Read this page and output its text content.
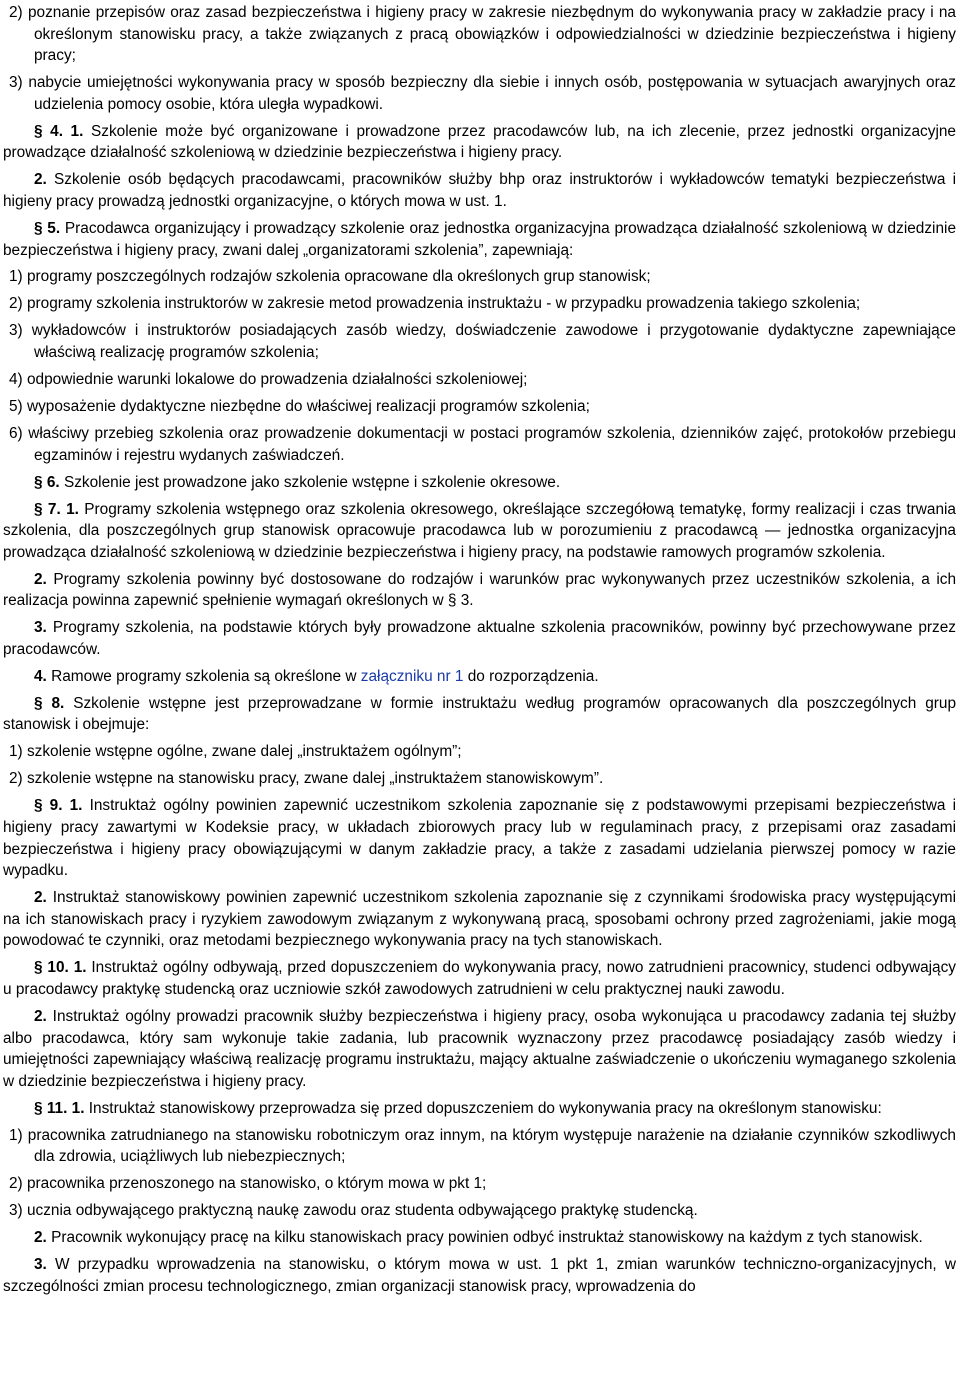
2) poznanie przepisów oraz zasad bezpieczeństwa i higieny pracy w zakresie niezbędnym do wykonywania pracy w zakładzie pracy i na określonym stanowisku pracy, a także związanych z pracą obowiązków i odpowiedzialności w dziedzinie bezpieczeństwa i higieny pracy;

3) nabycie umiejętności wykonywania pracy w sposób bezpieczny dla siebie i innych osób, postępowania w sytuacjach awaryjnych oraz udzielenia pomocy osobie, która uległa wypadkowi.

§ 4. 1. Szkolenie może być organizowane i prowadzone przez pracodawców lub, na ich zlecenie, przez jednostki organizacyjne prowadzące działalność szkoleniową w dziedzinie bezpieczeństwa i higieny pracy.

2. Szkolenie osób będących pracodawcami, pracowników służby bhp oraz instruktorów i wykładowców tematyki bezpieczeństwa i higieny pracy prowadzą jednostki organizacyjne, o których mowa w ust. 1.

§ 5. Pracodawca organizujący i prowadzący szkolenie oraz jednostka organizacyjna prowadząca działalność szkoleniową w dziedzinie bezpieczeństwa i higieny pracy, zwani dalej „organizatorami szkolenia”, zapewniają:

1) programy poszczególnych rodzajów szkolenia opracowane dla określonych grup stanowisk;

2) programy szkolenia instruktorów w zakresie metod prowadzenia instruktażu - w przypadku prowadzenia takiego szkolenia;

3) wykładowców i instruktorów posiadających zasób wiedzy, doświadczenie zawodowe i przygotowanie dydaktyczne zapewniające właściwą realizację programów szkolenia;

4) odpowiednie warunki lokalowe do prowadzenia działalności szkoleniowej;

5) wyposażenie dydaktyczne niezbędne do właściwej realizacji programów szkolenia;

6) właściwy przebieg szkolenia oraz prowadzenie dokumentacji w postaci programów szkolenia, dzienników zajęć, protokołów przebiegu egzaminów i rejestru wydanych zaświadczeń.

§ 6. Szkolenie jest prowadzone jako szkolenie wstępne i szkolenie okresowe.

§ 7. 1. Programy szkolenia wstępnego oraz szkolenia okresowego, określające szczegółową tematykę, formy realizacji i czas trwania szkolenia, dla poszczególnych grup stanowisk opracowuje pracodawca lub w porozumieniu z pracodawcą — jednostka organizacyjna prowadząca działalność szkoleniową w dziedzinie bezpieczeństwa i higieny pracy, na podstawie ramowych programów szkolenia.

2. Programy szkolenia powinny być dostosowane do rodzajów i warunków prac wykonywanych przez uczestników szkolenia, a ich realizacja powinna zapewnić spełnienie wymagań określonych w § 3.

3. Programy szkolenia, na podstawie których były prowadzone aktualne szkolenia pracowników, powinny być przechowywane przez pracodawców.

4. Ramowe programy szkolenia są określone w załączniku nr 1 do rozporządzenia.

§ 8. Szkolenie wstępne jest przeprowadzane w formie instruktażu według programów opracowanych dla poszczególnych grup stanowisk i obejmuje:

1) szkolenie wstępne ogólne, zwane dalej „instruktażem ogólnym”;

2) szkolenie wstępne na stanowisku pracy, zwane dalej „instruktażem stanowiskowym”.

§ 9. 1. Instruktaż ogólny powinien zapewnić uczestnikom szkolenia zapoznanie się z podstawowymi przepisami bezpieczeństwa i higieny pracy zawartymi w Kodeksie pracy, w układach zbiorowych pracy lub w regulaminach pracy, z przepisami oraz zasadami bezpieczeństwa i higieny pracy obowiązującymi w danym zakładzie pracy, a także z zasadami udzielania pierwszej pomocy w razie wypadku.

2. Instruktaż stanowiskowy powinien zapewnić uczestnikom szkolenia zapoznanie się z czynnikami środowiska pracy występującymi na ich stanowiskach pracy i ryzykiem zawodowym związanym z wykonywaną pracą, sposobami ochrony przed zagrożeniami, jakie mogą powodować te czynniki, oraz metodami bezpiecznego wykonywania pracy na tych stanowiskach.

§ 10. 1. Instruktaż ogólny odbywają, przed dopuszczeniem do wykonywania pracy, nowo zatrudnieni pracownicy, studenci odbywający u pracodawcy praktykę studencką oraz uczniowie szkół zawodowych zatrudnieni w celu praktycznej nauki zawodu.

2. Instruktaż ogólny prowadzi pracownik służby bezpieczeństwa i higieny pracy, osoba wykonująca u pracodawcy zadania tej służby albo pracodawca, który sam wykonuje takie zadania, lub pracownik wyznaczony przez pracodawcę posiadający zasób wiedzy i umiejętności zapewniający właściwą realizację programu instruktażu, mający aktualne zaświadczenie o ukończeniu wymaganego szkolenia w dziedzinie bezpieczeństwa i higieny pracy.

§ 11. 1. Instruktaż stanowiskowy przeprowadza się przed dopuszczeniem do wykonywania pracy na określonym stanowisku:

1) pracownika zatrudnianego na stanowisku robotniczym oraz innym, na którym występuje narażenie na działanie czynników szkodliwych dla zdrowia, uciążliwych lub niebezpiecznych;

2) pracownika przenoszonego na stanowisko, o którym mowa w pkt 1;

3) ucznia odbywającego praktyczną naukę zawodu oraz studenta odbywającego praktykę studencką.

2. Pracownik wykonujący pracę na kilku stanowiskach pracy powinien odbyć instruktaż stanowiskowy na każdym z tych stanowisk.

3. W przypadku wprowadzenia na stanowisku, o którym mowa w ust. 1 pkt 1, zmian warunków techniczno-organizacyjnych, w szczególności zmian procesu technologicznego, zmian organizacji stanowisk pracy, wprowadzenia do
